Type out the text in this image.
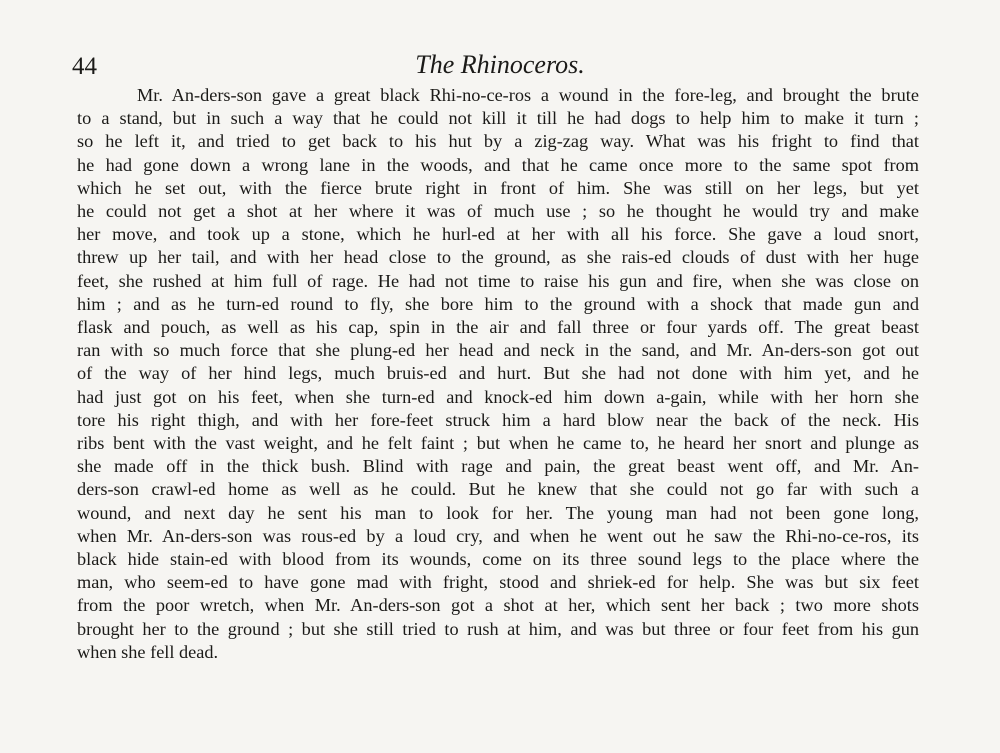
44	The Rhinoceros.
Mr. An-ders-son gave a great black Rhi-no-ce-ros a wound in the fore-leg, and brought the brute
to a stand, but in such a way that he could not kill it till he had dogs to help him to make it turn ;
so he left it, and tried to get back to his hut by a zig-zag way. What was his fright to find that
he had gone down a wrong lane in the woods, and that he came once more to the same spot from
which he set out, with the fierce brute right in front of him. She was still on her legs, but yet
he could not get a shot at her where it was of much use ; so he thought he would try and make
her move, and took up a stone, which he hurl-ed at her with all his force. She gave a loud snort,
threw up her tail, and with her head close to the ground, as she rais-ed clouds of dust with her huge
feet, she rushed at him full of rage. He had not time to raise his gun and fire, when she was close on
him ; and as he turn-ed round to fly, she bore him to the ground with a shock that made gun and
flask and pouch, as well as his cap, spin in the air and fall three or four yards off. The great beast
ran with so much force that she plung-ed her head and neck in the sand, and Mr. An-ders-son got out
of the way of her hind legs, much bruis-ed and hurt. But she had not done with him yet, and he
had just got on his feet, when she turn-ed and knock-ed him down a-gain, while with her horn she
tore his right thigh, and with her fore-feet struck him a hard blow near the back of the neck. His
ribs bent with the vast weight, and he felt faint ; but when he came to, he heard her snort and plunge as
she made off in the thick bush. Blind with rage and pain, the great beast went off, and Mr. An-
ders-son crawl-ed home as well as he could. But he knew that she could not go far with such a
wound, and next day he sent his man to look for her. The young man had not been gone long,
when Mr. An-ders-son was rous-ed by a loud cry, and when he went out he saw the Rhi-no-ce-ros, its
black hide stain-ed with blood from its wounds, come on its three sound legs to the place where the
man, who seem-ed to have gone mad with fright, stood and shriek-ed for help. She was but six feet
from the poor wretch, when Mr. An-ders-son got a shot at her, which sent her back ; two more shots
brought her to the ground ; but she still tried to rush at him, and was but three or four feet from his gun
when she fell dead.
